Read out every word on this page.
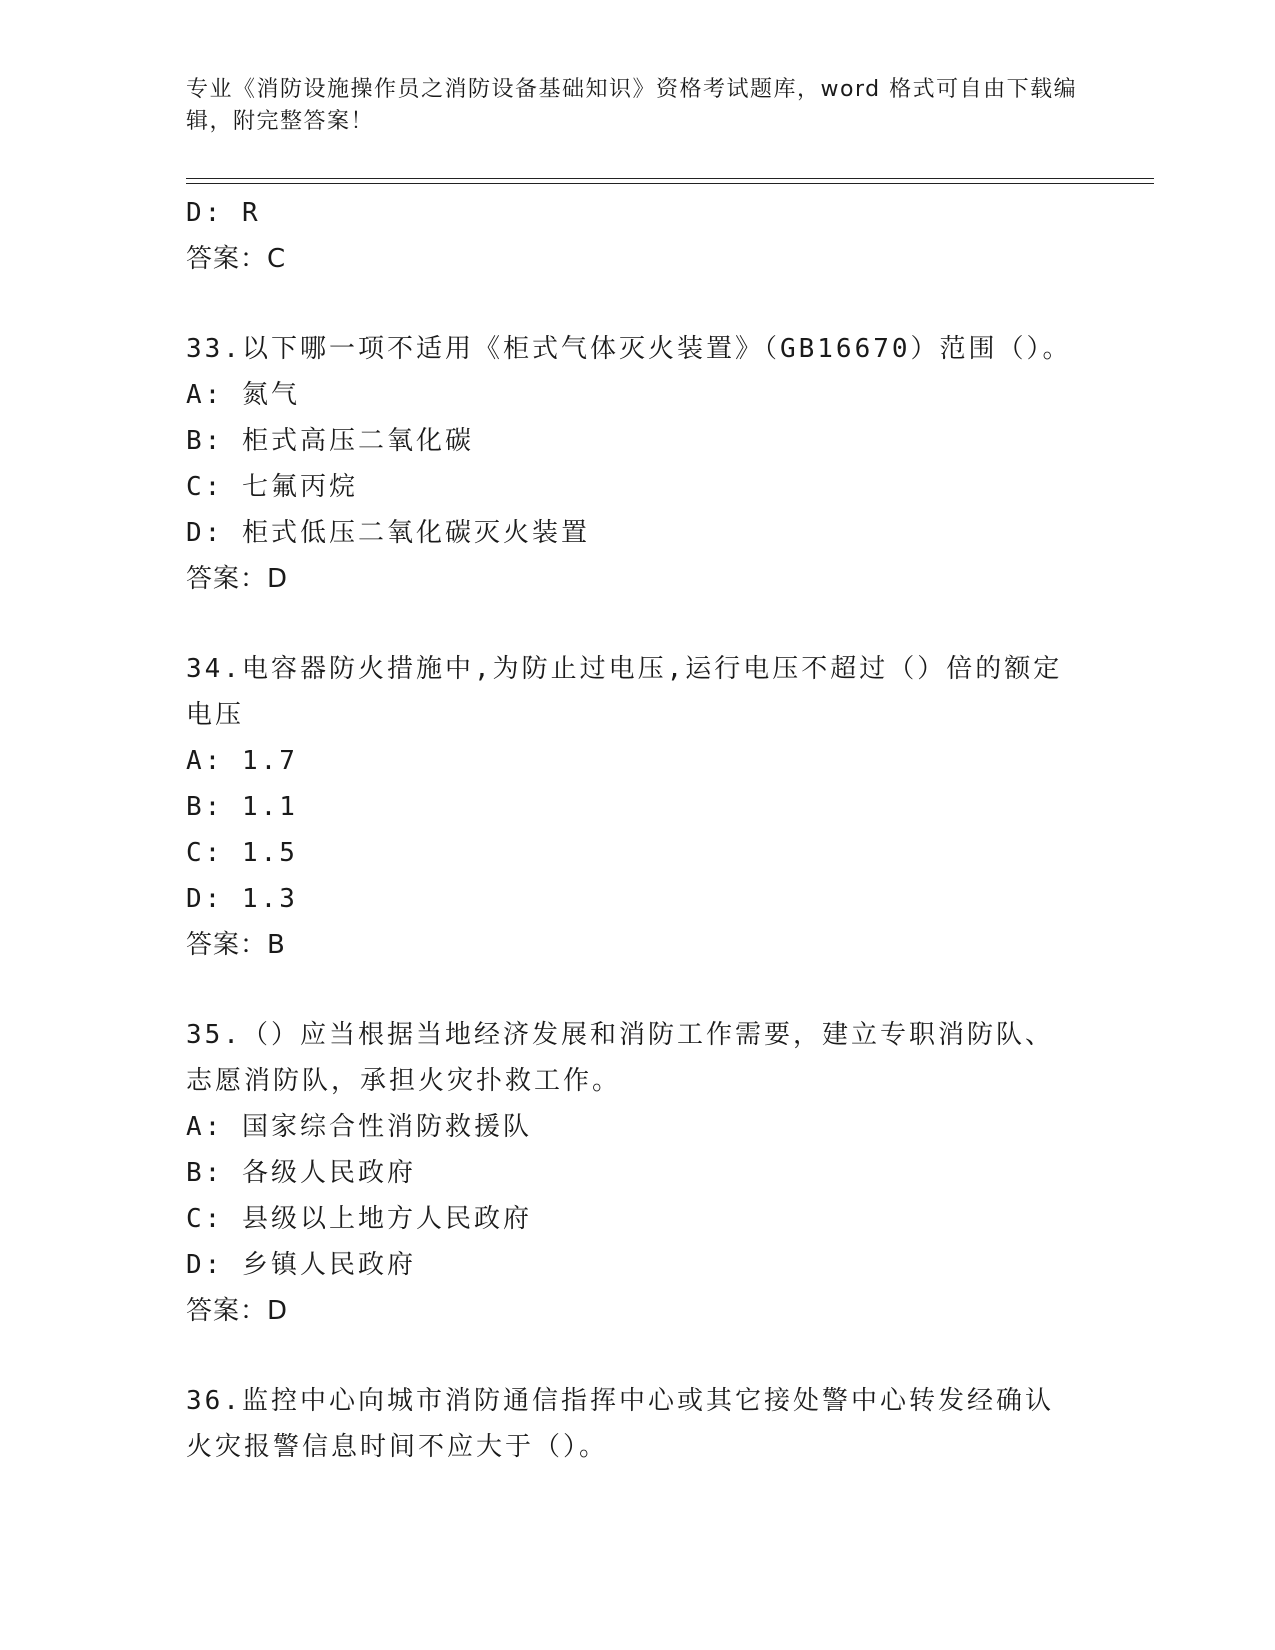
专业《消防设施操作员之消防设备基础知识》资格考试题库，word 格式可自由下载编辑，附完整答案！
D: R
答案：C
33.以下哪一项不适用《柜式气体灭火装置》（GB16670）范围（）。
A: 氮气
B: 柜式高压二氧化碳
C: 七氟丙烷
D: 柜式低压二氧化碳灭火装置
答案：D
34.电容器防火措施中,为防止过电压,运行电压不超过（）倍的额定电压
A: 1.7
B: 1.1
C: 1.5
D: 1.3
答案：B
35.（）应当根据当地经济发展和消防工作需要，建立专职消防队、志愿消防队，承担火灾扑救工作。
A: 国家综合性消防救援队
B: 各级人民政府
C: 县级以上地方人民政府
D: 乡镇人民政府
答案：D
36.监控中心向城市消防通信指挥中心或其它接处警中心转发经确认火灾报警信息时间不应大于（）。
